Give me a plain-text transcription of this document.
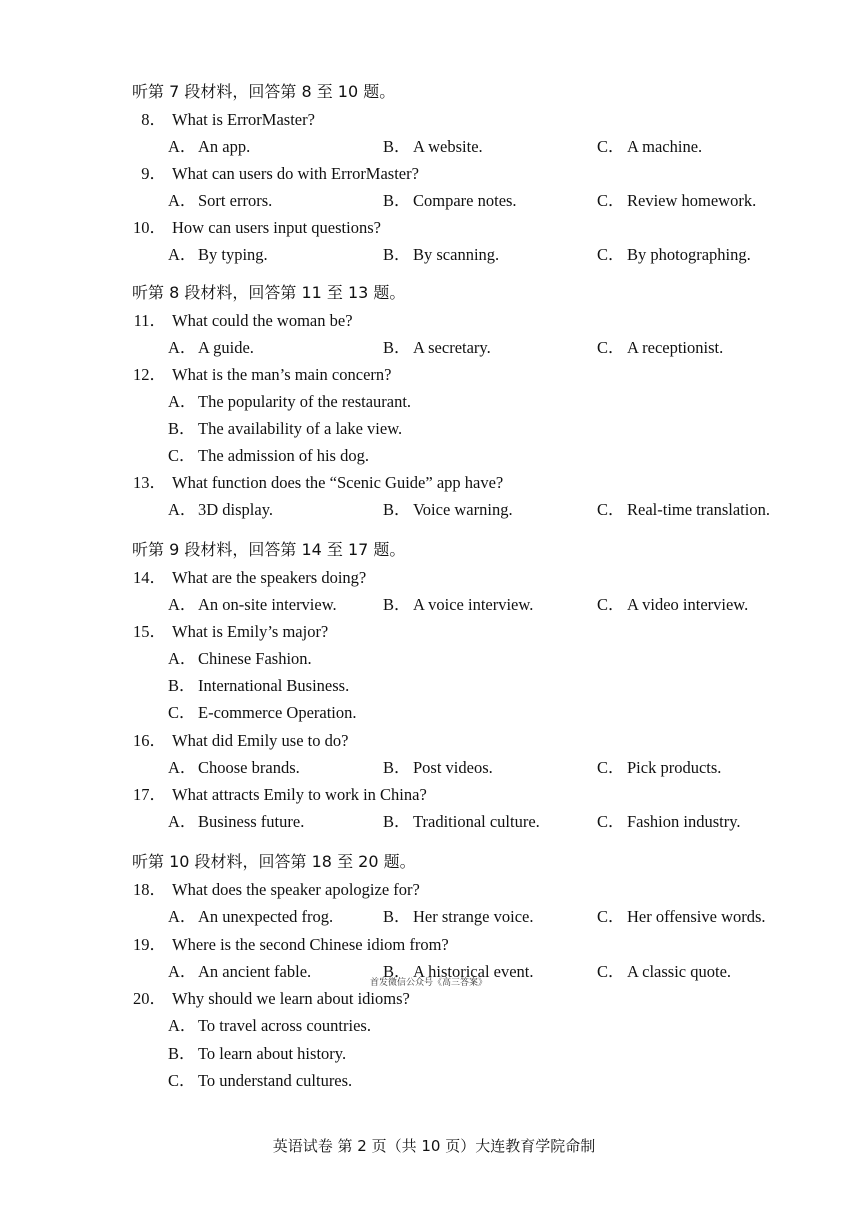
听第 7 段材料，回答第 8 至 10 题。
8． What is ErrorMaster?
A．An app.	B． A website.	C． A machine.
9． What can users do with ErrorMaster?
A．Sort errors.	B． Compare notes.	C． Review homework.
10． How can users input questions?
A．By typing.	B． By scanning.	C． By photographing.
听第 8 段材料，回答第 11 至 13 题。
11． What could the woman be?
A．A guide.	B． A secretary.	C． A receptionist.
12． What is the man’s main concern?
A．The popularity of the restaurant.
B． The availability of a lake view.
C． The admission of his dog.
13． What function does the “Scenic Guide” app have?
A．3D display.	B． Voice warning.	C． Real-time translation.
听第 9 段材料，回答第 14 至 17 题。
14． What are the speakers doing?
A．An on-site interview.	B． A voice interview.	C． A video interview.
15． What is Emily’s major?
A．Chinese Fashion.
B． International Business.
C． E-commerce Operation.
16． What did Emily use to do?
A．Choose brands.	B． Post videos.	C． Pick products.
17． What attracts Emily to work in China?
A．Business future.	B． Traditional culture.	C． Fashion industry.
听第 10 段材料，回答第 18 至 20 题。
18． What does the speaker apologize for?
A．An unexpected frog.	B． Her strange voice.	C． Her offensive words.
19． Where is the second Chinese idiom from?
A．An ancient fable.	B． A historical event.	C． A classic quote.
首发微信公众号《高三答案》
20． Why should we learn about idioms?
A．To travel across countries.
B． To learn about history.
C． To understand cultures.
英语试卷 第 2 页（共 10 页）大连教育学院命制
